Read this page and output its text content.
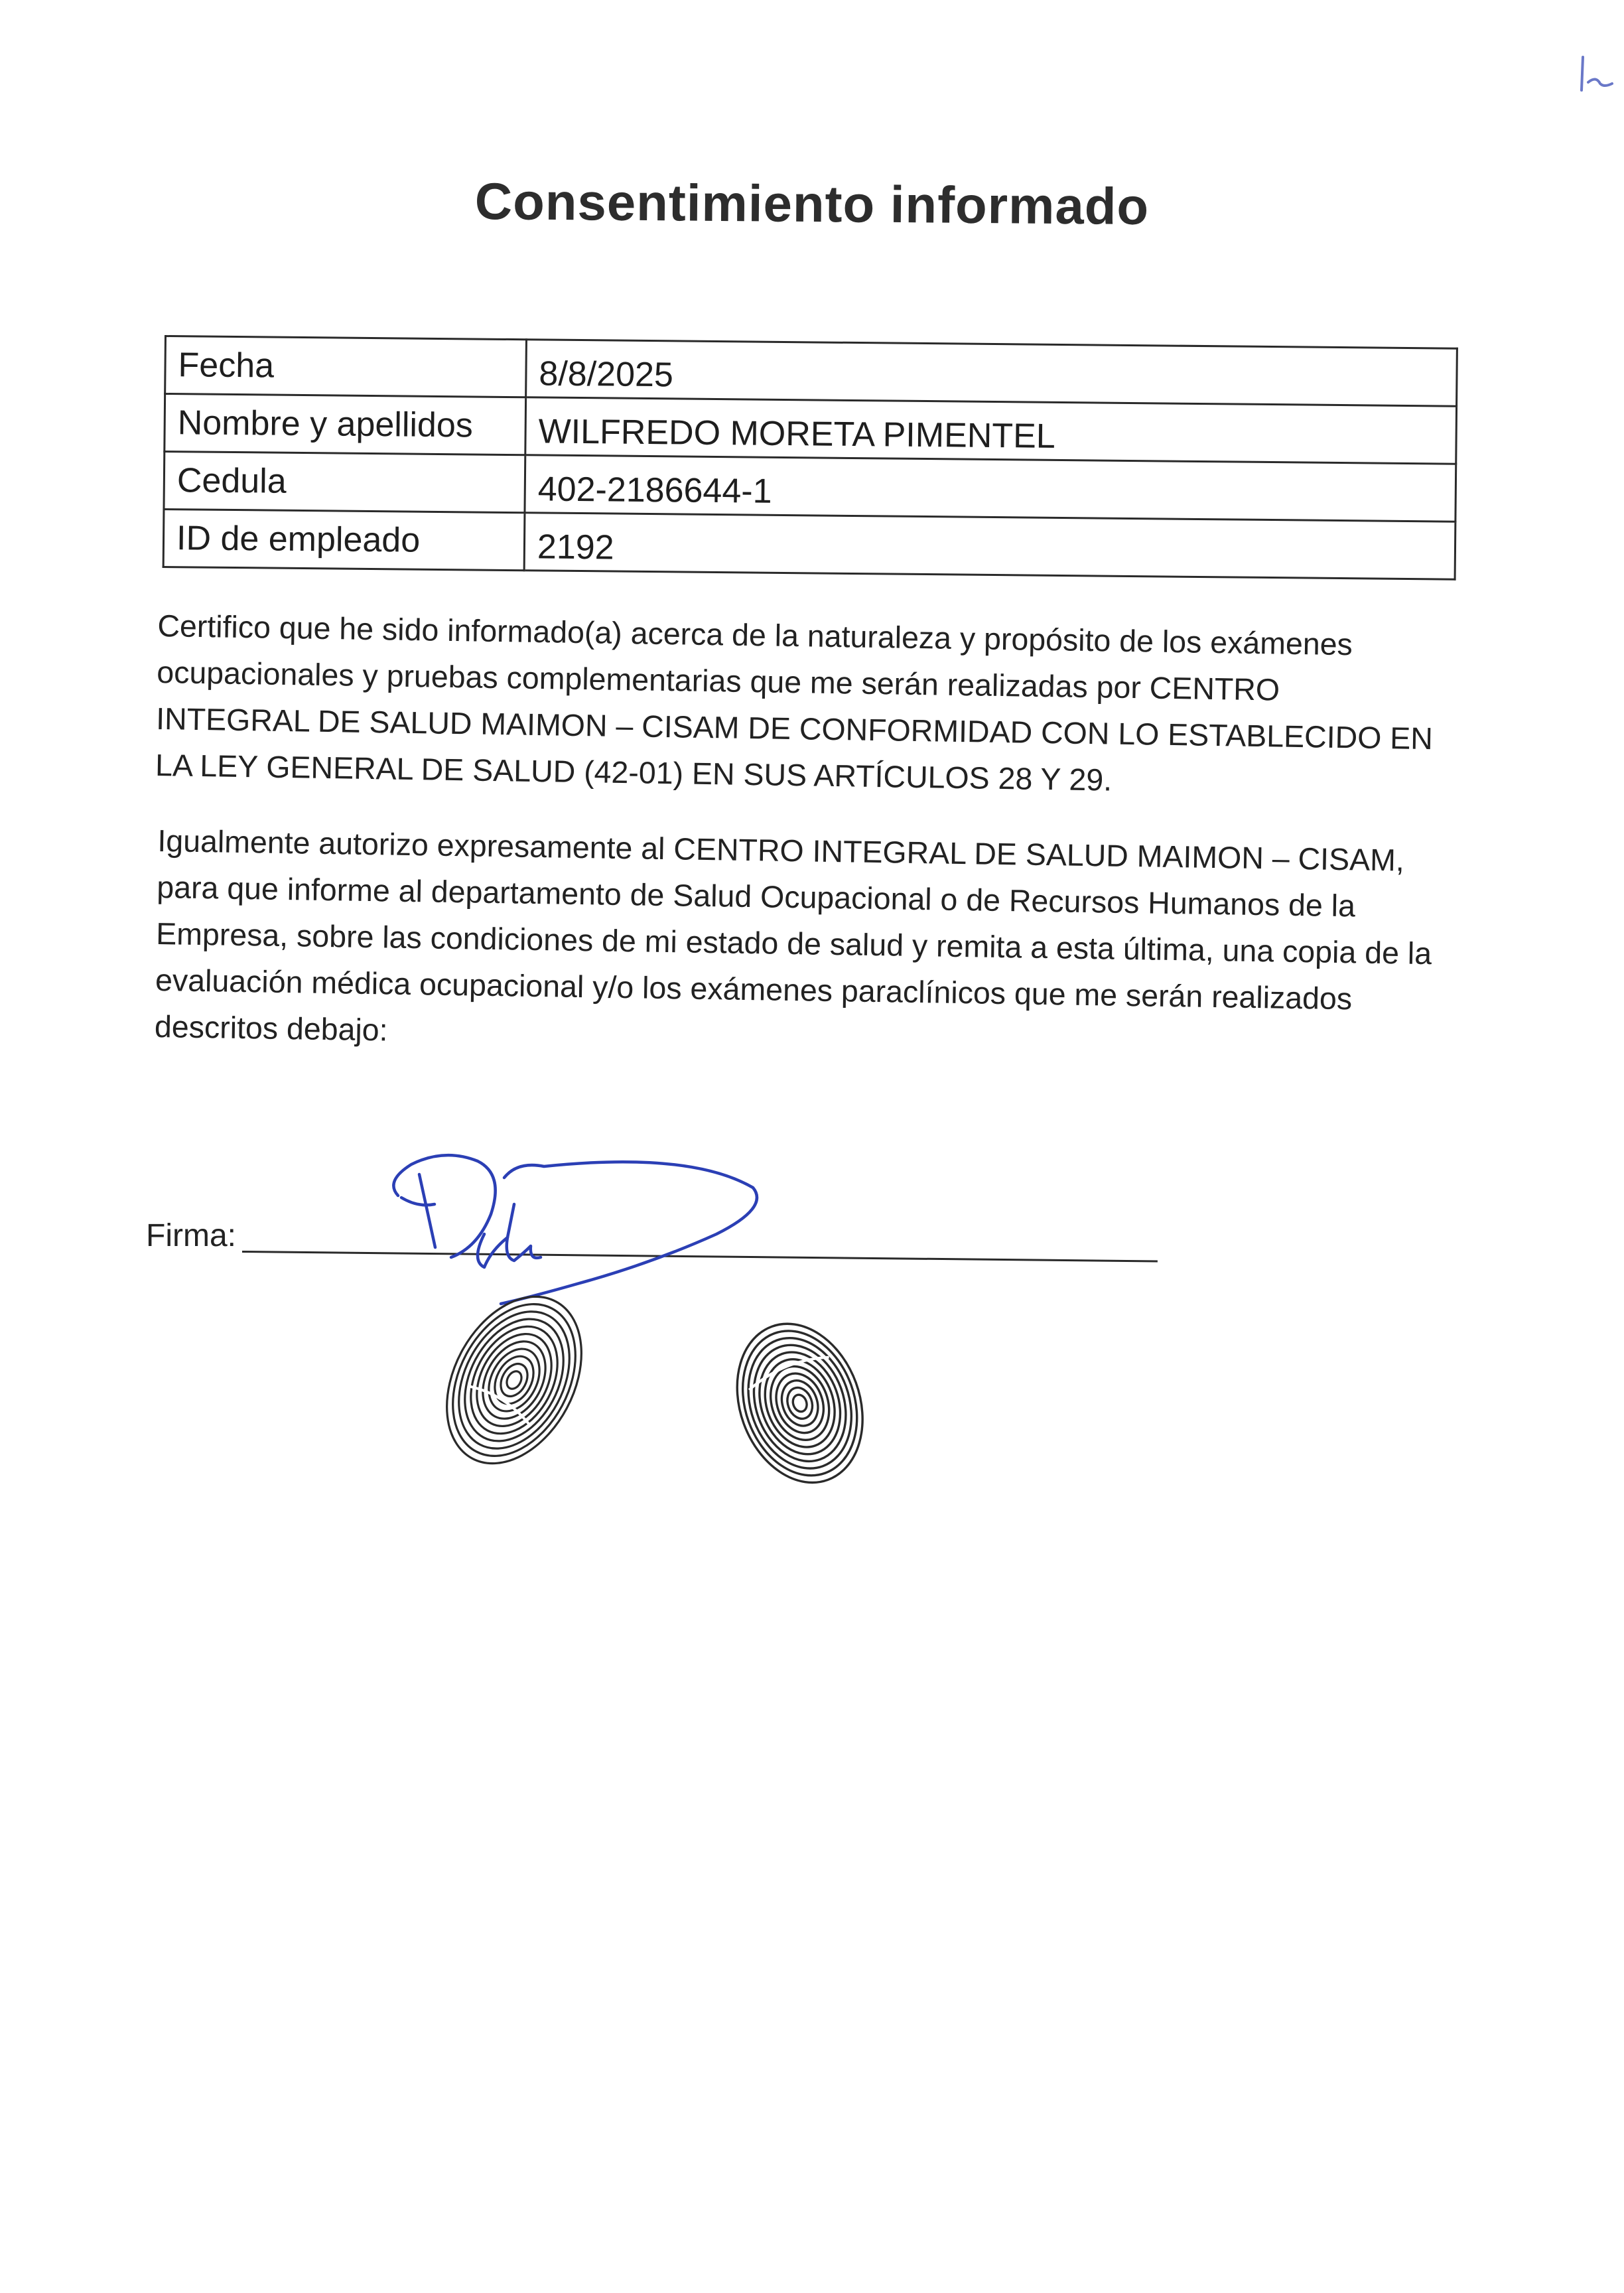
Consentimiento informado
Fecha	8/8/2025
Nombre y apellidos	WILFREDO MORETA PIMENTEL
Cedula	402-2186644-1
ID de empleado	2192

Certifico que he sido informado(a) acerca de la naturaleza y propósito de los exámenes ocupacionales y pruebas complementarias que me serán realizadas por CENTRO INTEGRAL DE SALUD MAIMON – CISAM DE CONFORMIDAD CON LO ESTABLECIDO EN LA LEY GENERAL DE SALUD (42-01) EN SUS ARTÍCULOS 28 Y 29.

Igualmente autorizo expresamente al CENTRO INTEGRAL DE SALUD MAIMON – CISAM, para que informe al departamento de Salud Ocupacional o de Recursos Humanos de la Empresa, sobre las condiciones de mi estado de salud y remita a esta última, una copia de la evaluación médica ocupacional y/o los exámenes paraclínicos que me serán realizados descritos debajo:

Firma:
